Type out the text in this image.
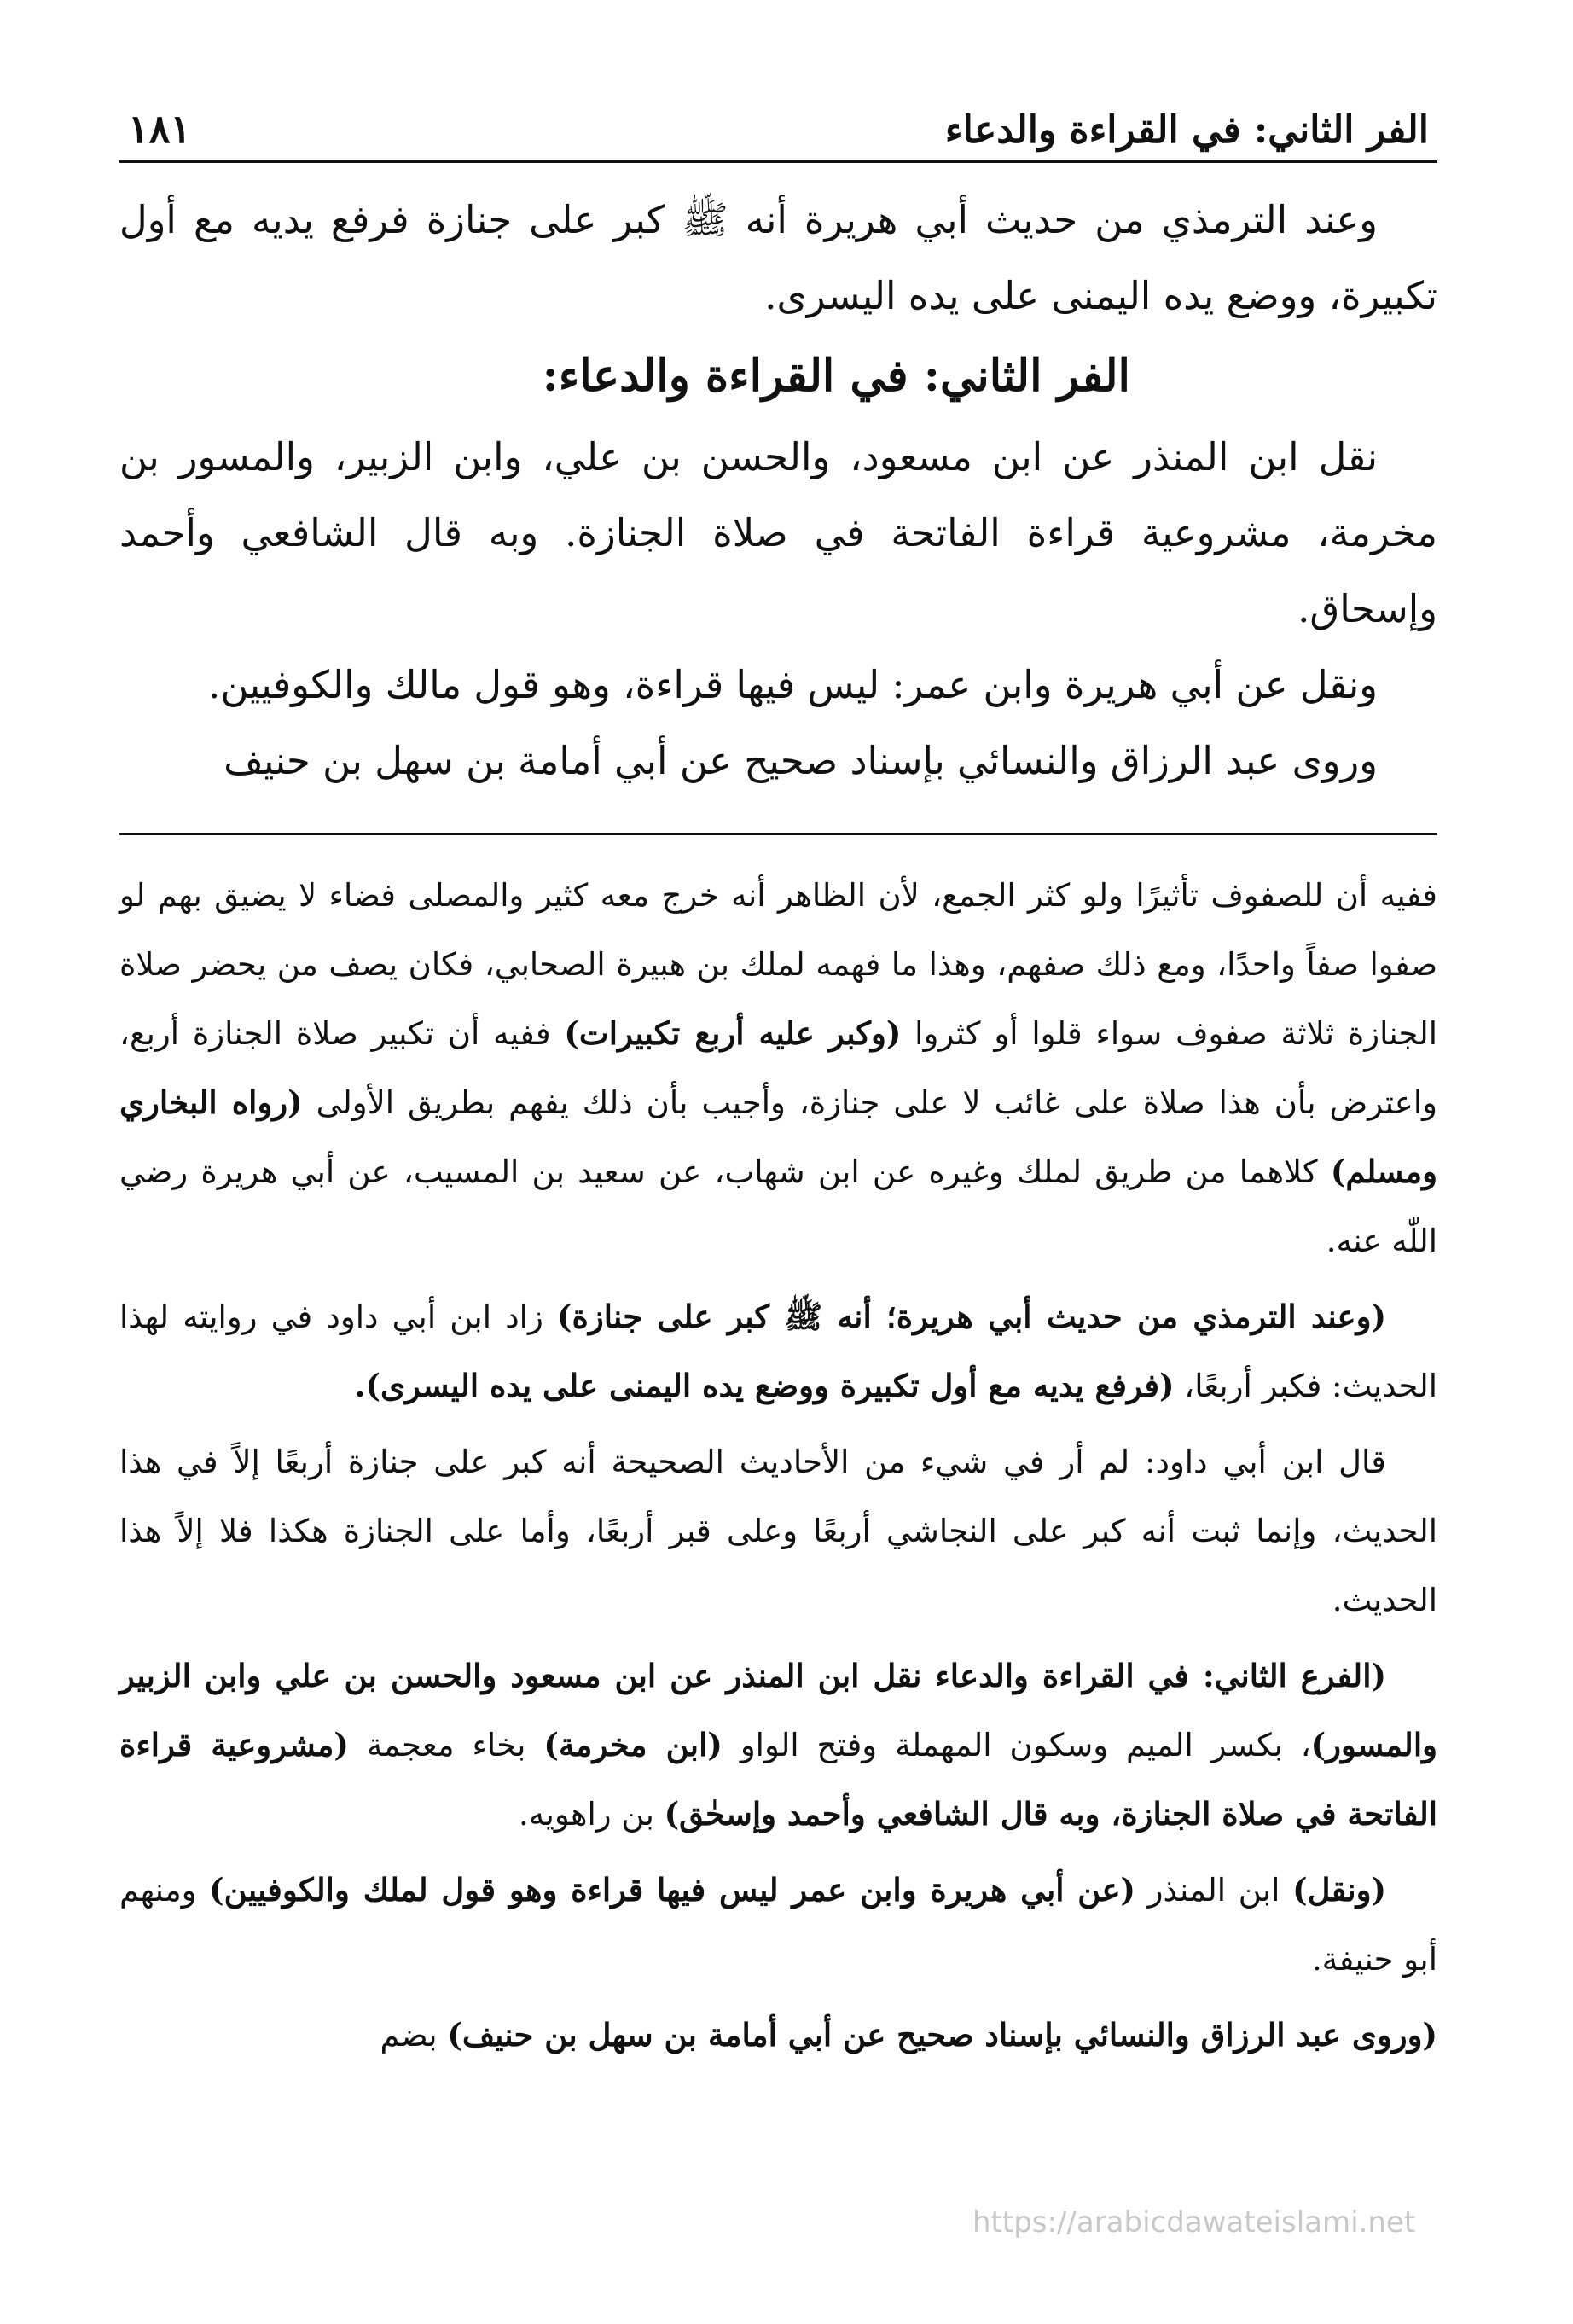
الفر الثاني: في القراءة والدعاء
١٨١

وعند الترمذي من حديث أبي هريرة أنه ﷺ كبر على جنازة فرفع يديه مع أول تكبيرة، ووضع يده اليمنى على يده اليسرى.

الفر الثاني: في القراءة والدعاء:

نقل ابن المنذر عن ابن مسعود، والحسن بن علي، وابن الزبير، والمسور بن مخرمة، مشروعية قراءة الفاتحة في صلاة الجنازة. وبه قال الشافعي وأحمد وإسحاق.

ونقل عن أبي هريرة وابن عمر: ليس فيها قراءة، وهو قول مالك والكوفيين.

وروى عبد الرزاق والنسائي بإسناد صحيح عن أبي أمامة بن سهل بن حنيف

ففيه أن للصفوف تأثيرًا ولو كثر الجمع، لأن الظاهر أنه خرج معه كثير والمصلى فضاء لا يضيق بهم لو صفوا صفاً واحدًا، ومع ذلك صفهم، وهذا ما فهمه لملك بن هبيرة الصحابي، فكان يصف من يحضر صلاة الجنازة ثلاثة صفوف سواء قلوا أو كثروا (وكبر عليه أربع تكبيرات) ففيه أن تكبير صلاة الجنازة أربع، واعترض بأن هذا صلاة على غائب لا على جنازة، وأجيب بأن ذلك يفهم بطريق الأولى (رواه البخاري ومسلم) كلاهما من طريق لملك وغيره عن ابن شهاب، عن سعيد بن المسيب، عن أبي هريرة رضي اللّٰه عنه.

(وعند الترمذي من حديث أبي هريرة؛ أنه ﷺ كبر على جنازة) زاد ابن أبي داود في روايته لهذا الحديث: فكبر أربعًا، (فرفع يديه مع أول تكبيرة ووضع يده اليمنى على يده اليسرى).

قال ابن أبي داود: لم أر في شيء من الأحاديث الصحيحة أنه كبر على جنازة أربعًا إلاً في هذا الحديث، وإنما ثبت أنه كبر على النجاشي أربعًا وعلى قبر أربعًا، وأما على الجنازة هكذا فلا إلاً هذا الحديث.

(الفرع الثاني: في القراءة والدعاء نقل ابن المنذر عن ابن مسعود والحسن بن علي وابن الزبير والمسور)، بكسر الميم وسكون المهملة وفتح الواو (ابن مخرمة) بخاء معجمة (مشروعية قراءة الفاتحة في صلاة الجنازة، وبه قال الشافعي وأحمد وإسحٰق) بن راهويه.

(ونقل) ابن المنذر (عن أبي هريرة وابن عمر ليس فيها قراءة وهو قول لملك والكوفيين) ومنهم أبو حنيفة.

(وروى عبد الرزاق والنسائي بإسناد صحيح عن أبي أمامة بن سهل بن حنيف) بضم

https://arabicdawateislami.net
